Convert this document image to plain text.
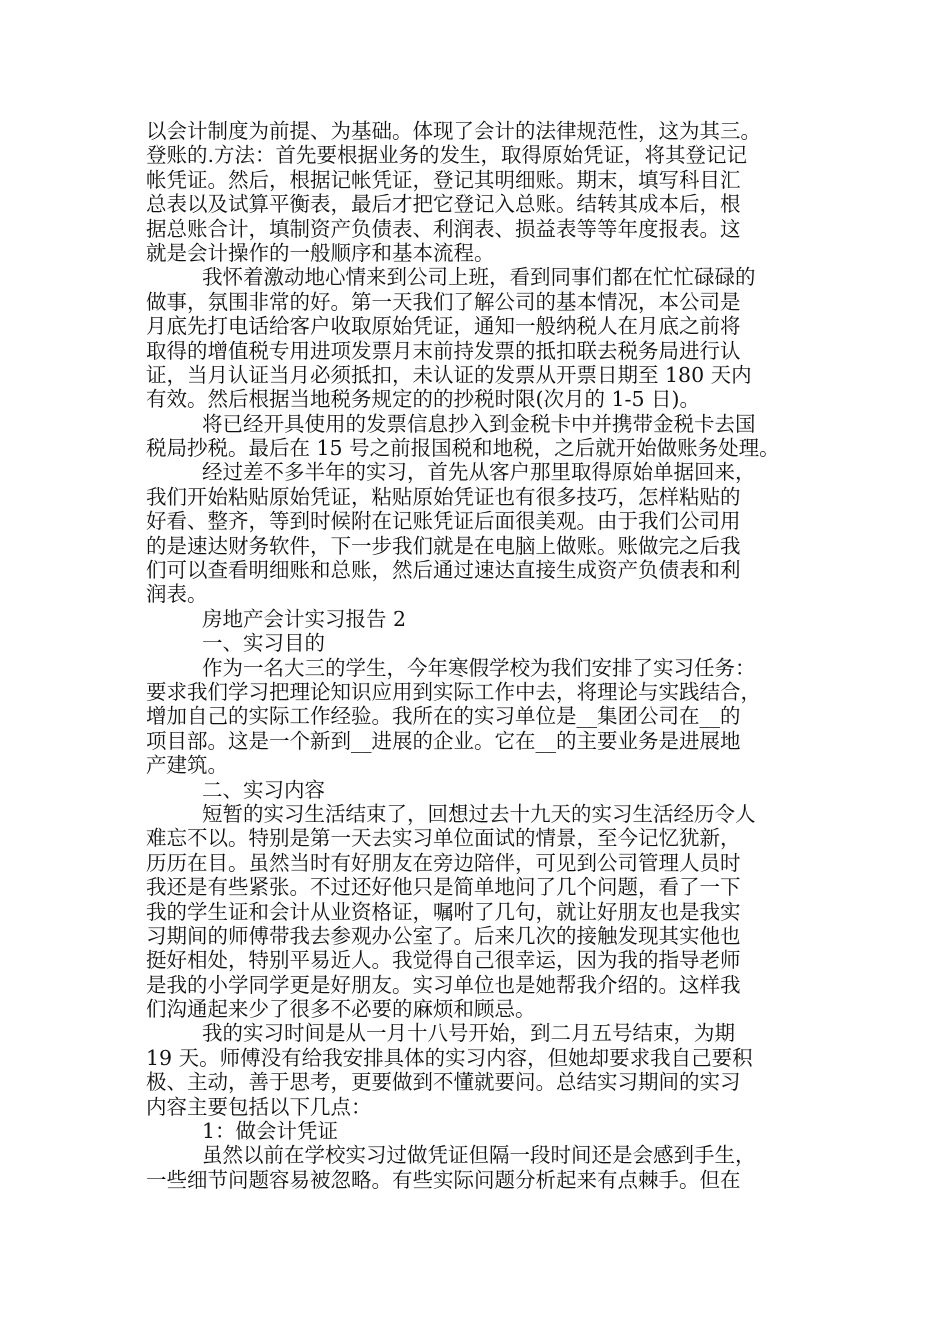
以会计制度为前提、为基础。体现了会计的法律规范性，这为其三。
登账的.方法：首先要根据业务的发生，取得原始凭证，将其登记记
帐凭证。然后，根据记帐凭证，登记其明细账。期末，填写科目汇
总表以及试算平衡表，最后才把它登记入总账。结转其成本后，根
据总账合计，填制资产负债表、利润表、损益表等等年度报表。这
就是会计操作的一般顺序和基本流程。
我怀着激动地心情来到公司上班，看到同事们都在忙忙碌碌的
做事，氛围非常的好。第一天我们了解公司的基本情况，本公司是
月底先打电话给客户收取原始凭证，通知一般纳税人在月底之前将
取得的增值税专用进项发票月末前持发票的抵扣联去税务局进行认
证，当月认证当月必须抵扣，未认证的发票从开票日期至 180 天内
有效。然后根据当地税务规定的的抄税时限(次月的 1-5 日)。
将已经开具使用的发票信息抄入到金税卡中并携带金税卡去国
税局抄税。最后在 15 号之前报国税和地税，之后就开始做账务处理。
经过差不多半年的实习，首先从客户那里取得原始单据回来，
我们开始粘贴原始凭证，粘贴原始凭证也有很多技巧，怎样粘贴的
好看、整齐，等到时候附在记账凭证后面很美观。由于我们公司用
的是速达财务软件，下一步我们就是在电脑上做账。账做完之后我
们可以查看明细账和总账，然后通过速达直接生成资产负债表和利
润表。
房地产会计实习报告 2
一、实习目的
作为一名大三的学生，今年寒假学校为我们安排了实习任务：
要求我们学习把理论知识应用到实际工作中去，将理论与实践结合，
增加自己的实际工作经验。我所在的实习单位是__集团公司在__的
项目部。这是一个新到__进展的企业。它在__的主要业务是进展地
产建筑。
二、实习内容
短暂的实习生活结束了，回想过去十九天的实习生活经历令人
难忘不以。特别是第一天去实习单位面试的情景，至今记忆犹新，
历历在目。虽然当时有好朋友在旁边陪伴，可见到公司管理人员时
我还是有些紧张。不过还好他只是简单地问了几个问题，看了一下
我的学生证和会计从业资格证，嘱咐了几句，就让好朋友也是我实
习期间的师傅带我去参观办公室了。后来几次的接触发现其实他也
挺好相处，特别平易近人。我觉得自己很幸运，因为我的指导老师
是我的小学同学更是好朋友。实习单位也是她帮我介绍的。这样我
们沟通起来少了很多不必要的麻烦和顾忌。
我的实习时间是从一月十八号开始，到二月五号结束，为期
19 天。师傅没有给我安排具体的实习内容，但她却要求我自己要积
极、主动，善于思考，更要做到不懂就要问。总结实习期间的实习
内容主要包括以下几点：
1：做会计凭证
虽然以前在学校实习过做凭证但隔一段时间还是会感到手生，
一些细节问题容易被忽略。有些实际问题分析起来有点棘手。但在
